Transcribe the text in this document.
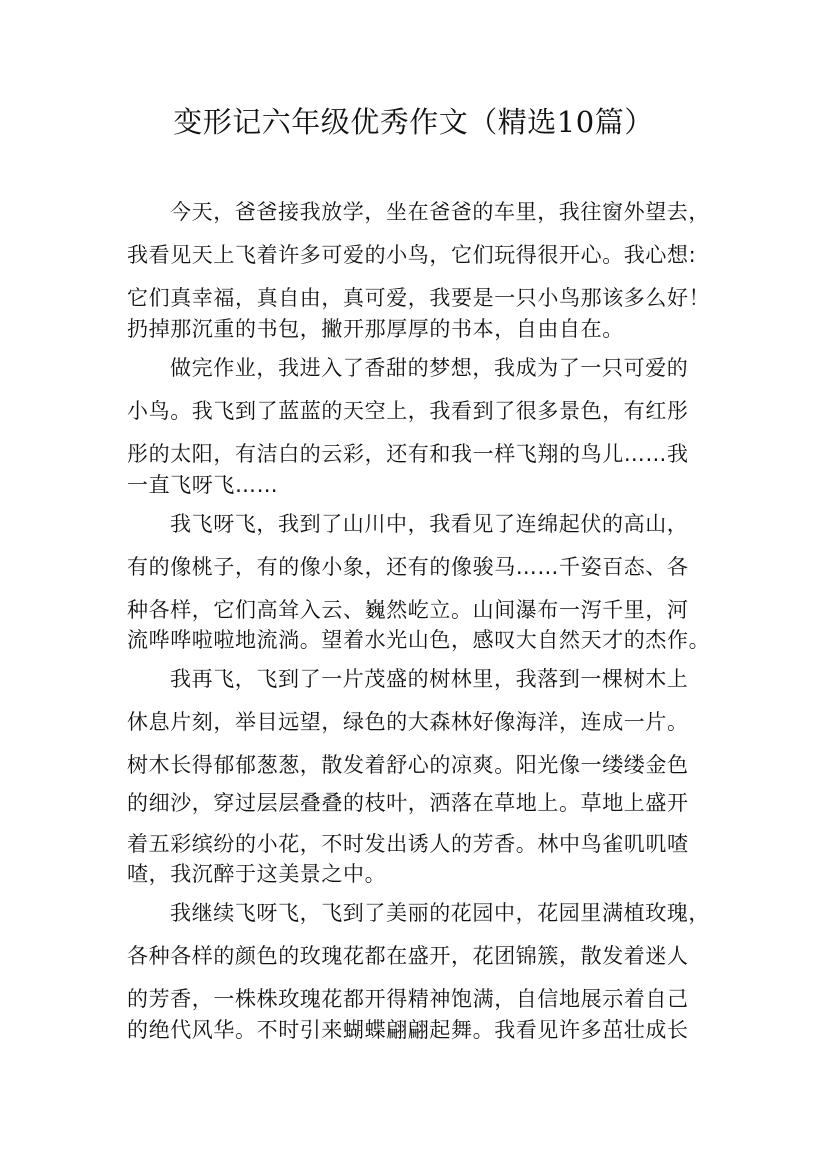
变形记六年级优秀作文（精选10篇）
今天，爸爸接我放学，坐在爸爸的车里，我往窗外望去，
我看见天上飞着许多可爱的小鸟，它们玩得很开心。我心想:
它们真幸福，真自由，真可爱，我要是一只小鸟那该多么好！
扔掉那沉重的书包，撇开那厚厚的书本，自由自在。
做完作业，我进入了香甜的梦想，我成为了一只可爱的
小鸟。我飞到了蓝蓝的天空上，我看到了很多景色，有红彤
彤的太阳，有洁白的云彩，还有和我一样飞翔的鸟儿……我
一直飞呀飞……
我飞呀飞，我到了山川中，我看见了连绵起伏的高山，
有的像桃子，有的像小象，还有的像骏马……千姿百态、各
种各样，它们高耸入云、巍然屹立。山间瀑布一泻千里，河
流哗哗啦啦地流淌。望着水光山色，感叹大自然天才的杰作。
我再飞，飞到了一片茂盛的树林里，我落到一棵树木上
休息片刻，举目远望，绿色的大森林好像海洋，连成一片。
树木长得郁郁葱葱，散发着舒心的凉爽。阳光像一缕缕金色
的细沙，穿过层层叠叠的枝叶，洒落在草地上。草地上盛开
着五彩缤纷的小花，不时发出诱人的芳香。林中鸟雀叽叽喳
喳，我沉醉于这美景之中。
我继续飞呀飞，飞到了美丽的花园中，花园里满植玫瑰，
各种各样的颜色的玫瑰花都在盛开，花团锦簇，散发着迷人
的芳香，一株株玫瑰花都开得精神饱满，自信地展示着自己
的绝代风华。不时引来蝴蝶翩翩起舞。我看见许多茁壮成长
